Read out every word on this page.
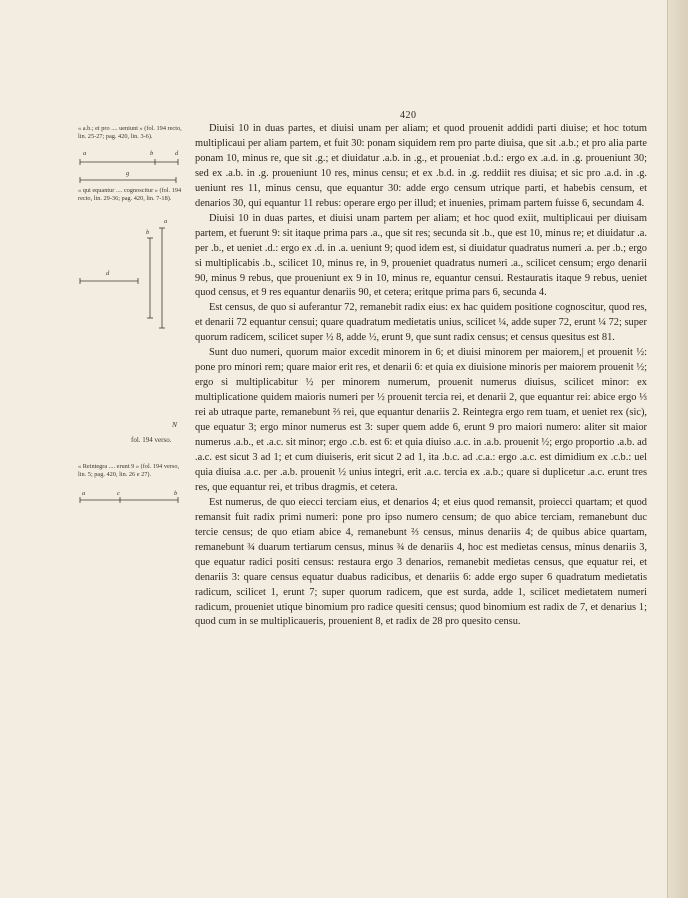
420
« a.b.; et pro .... ueniunt » (fol. 194 recto, lin. 25-27; pag. 420, lin. 3-6).
« qui equantur .... cognoscitur » (fol. 194 recto, lin. 29-36; pag. 420, lin. 7-18).
« Reintegra .... erunt 9 » (fol. 194 verso, lin. 5; pag. 420, lin. 26 e 27).
fol. 194 verso.
N
a	b	d
g
a
b
d
a	c	b

Diuisi 10 in duas partes, et diuisi unam per aliam; et quod prouenit addidi parti diuise; et hoc totum multiplicaui per aliam partem, et fuit 30: ponam siquidem rem pro parte diuisa, que sit .a.b.; et pro alia parte ponam 10, minus re, que sit .g.; et diuidatur .a.b. in .g., et proueniat .b.d.: ergo ex .a.d. in .g. proueniunt 30; sed ex .a.b. in .g. proueniunt 10 res, minus censu; et ex .b.d. in .g. reddiit res diuisa; et sic pro .a.d. in .g. ueniunt res 11, minus censu, que equantur 30: adde ergo censum utrique parti, et habebis censum, et denarios 30, qui equantur 11 rebus: operare ergo per illud; et inuenies, primam partem fuisse 6, secundam 4.

Diuisi 10 in duas partes, et diuisi unam partem per aliam; et hoc quod exiit, multiplicaui per diuisam partem, et fuerunt 9: sit itaque prima pars .a., que sit res; secunda sit .b., que est 10, minus re; et diuidatur .a. per .b., et ueniet .d.: ergo ex .d. in .a. ueniunt 9; quod idem est, si diuidatur quadratus numeri .a. per .b.; ergo si multiplicabis .b., scilicet 10, minus re, in 9, proueniet quadratus numeri .a., scilicet censum; ergo denarii 90, minus 9 rebus, que proueniunt ex 9 in 10, minus re, equantur censui. Restauratis itaque 9 rebus, ueniet quod census, et 9 res equantur denariis 90, et cetera; eritque prima pars 6, secunda 4.

Est census, de quo si auferantur 72, remanebit radix eius: ex hac quidem positione cognoscitur, quod res, et denarii 72 equantur censui; quare quadratum medietatis unius, scilicet ¼, adde super 72, erunt ¼ 72; super quorum radicem, scilicet super ½ 8, adde ½, erunt 9, que sunt radix census; et census quesitus est 81.

Sunt duo numeri, quorum maior excedit minorem in 6; et diuisi minorem per maiorem,| et prouenit ½: pone pro minori rem; quare maior erit res, et denarii 6: et quia ex diuisione minoris per maiorem prouenit ½; ergo si multiplicabitur ½ per minorem numerum, prouenit numerus diuisus, scilicet minor: ex multiplicatione quidem maioris numeri per ½ prouenit tercia rei, et denarii 2, que equantur rei: abice ergo ⅓ rei ab utraque parte, remanebunt ⅔ rei, que equantur denariis 2. Reintegra ergo rem tuam, et ueniet rex (sic), que equatur 3; ergo minor numerus est 3: super quem adde 6, erunt 9 pro maiori numero: aliter sit maior numerus .a.b., et .a.c. sit minor; ergo .c.b. est 6: et quia diuiso .a.c. in .a.b. prouenit ½; ergo proportio .a.b. ad .a.c. est sicut 3 ad 1; et cum diuiseris, erit sicut 2 ad 1, ita .b.c. ad .c.a.: ergo .a.c. est dimidium ex .c.b.: uel quia diuisa .a.c. per .a.b. prouenit ½ unius integri, erit .a.c. tercia ex .a.b.; quare si duplicetur .a.c. erunt tres res, que equantur rei, et tribus dragmis, et cetera.

Est numerus, de quo eiecci terciam eius, et denarios 4; et eius quod remansit, proiecci quartam; et quod remansit fuit radix primi numeri: pone pro ipso numero censum; de quo abice terciam, remanebunt duc tercie census; de quo etiam abice 4, remanebunt ⅔ census, minus denariis 4; de quibus abice quartam, remanebunt ¾ duarum tertiarum census, minus ¾ de denariis 4, hoc est medietas census, minus denariis 3, que equatur radici positi census: restaura ergo 3 denarios, remanebit medietas census, que equatur rei, et denariis 3: quare census equatur duabus radicibus, et denariis 6: adde ergo super 6 quadratum medietatis radicum, scilicet 1, erunt 7; super quorum radicem, que est surda, adde 1, scilicet medietatem numeri radicum, proueniet utique binomium pro radice quesiti census; quod binomium est radix de 7, et denarius 1; quod cum in se multiplicaueris, prouenient 8, et radix de 28 pro quesito censu.
